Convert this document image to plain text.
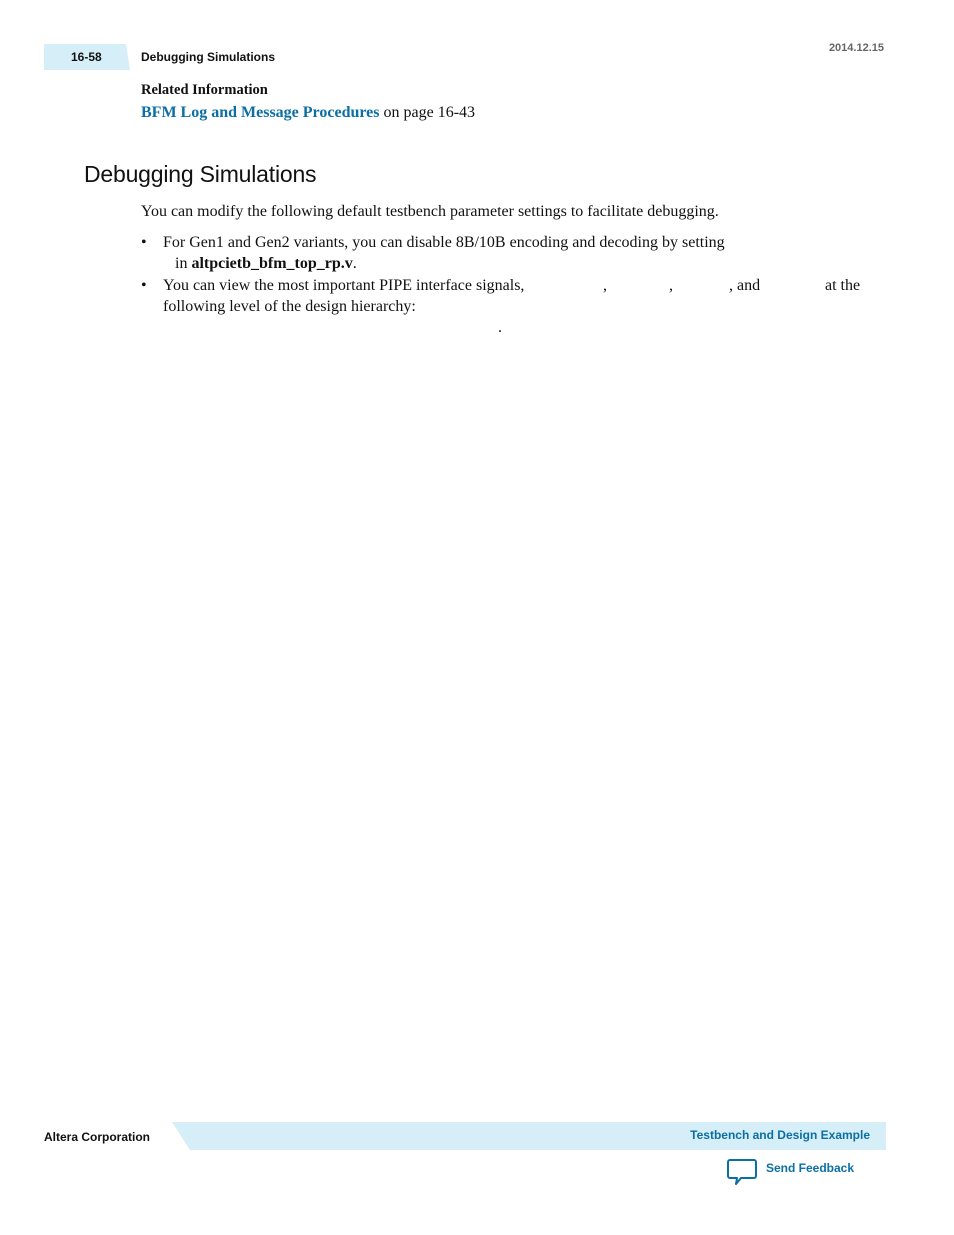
16-58	Debugging Simulations
2014.12.15
Related Information
BFM Log and Message Procedures on page 16-43
Debugging Simulations
You can modify the following default testbench parameter settings to facilitate debugging.
• For Gen1 and Gen2 variants, you can disable 8B/10B encoding and decoding by setting
in altpcietb_bfm_top_rp.v.
• You can view the most important PIPE interface signals,	,	,	, and	at the
following level of the design hierarchy:
.
Altera Corporation	Testbench and Design Example
Send Feedback
